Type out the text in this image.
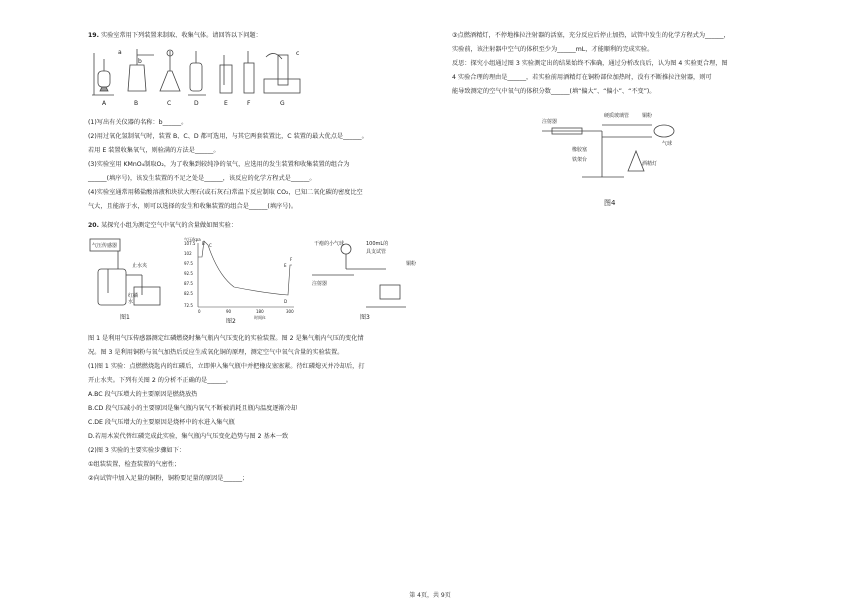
19. 实验室常用下列装置来制取、收集气体。请回答以下问题：

A	B	C	D	E	F	G
a
b
c

(1)写出有关仪器的名称：b______。

(2)用过氧化氢制氧气时，装置 B、C、D 都可选用，与其它两套装置比，C 装置的最大优点是______。

若用 E 装置收集氧气，则验满的方法是______。

(3)实验室用 KMnO₄制取O₂，为了收集到较纯净的氧气，应选用的发生装置和收集装置的组合为

______(填序号)，该发生装置的不足之处是______，该反应的化学方程式是______。

(4)实验室通常用稀盐酸溶液和块状大理石(或石灰石)常温下反应制取 CO₂，已知二氧化碳的密度比空

气大，且能溶于水，则可以选择的发生和收集装置的组合是______(填序号)。

20. 某探究小组为测定空气中氧气的含量做如图实验：

气压传感器
止水夹
红磷
水
图1
气压/kpa
107.5
102
97.5
92.5
87.5
82.5
72.5
0	90	180	300
时间/s
B C
D
E
F
图2
干瘪的小气球	100mL的
具支试管
铜粉
注射器
图3

图 1 是利用气压传感器测定红磷燃烧时集气瓶内气压变化的实验装置。图 2 是集气瓶内气压的变化情

况。图 3 是利用铜粉与氧气加热后反应生成氧化铜的原理，测定空气中氧气含量的实验装置。

(1)图 1 实验：点燃燃烧匙内的红磷后，立即伸入集气瓶中并把橡皮塞塞紧。待红磷熄灭并冷却后，打

开止水夹。下列有关图 2 的分析不正确的是______。

A.BC 段气压增大的主要原因是燃烧放热

B.CD 段气压减小的主要原因是集气瓶内氧气不断被消耗且瓶内温度逐渐冷却

C.DE 段气压增大的主要原因是烧杯中的水进入集气瓶

D.若用木炭代替红磷完成此实验，集气瓶内气压变化趋势与图 2 基本一致

(2)图 3 实验的主要实验步骤如下：

①组装装置，检查装置的气密性；

②向试管中加入足量的铜粉，铜粉要足量的原因是______；

③点燃酒精灯，不停地推拉注射器的活塞，充分反应后停止加热，试管中发生的化学方程式为______，

实验前，该注射器中空气的体积至少为______mL，才能顺利的完成实验。

反思：探究小组通过图 3 实验测定出的结果始终不准确，通过分析改良后，认为图 4 实验更合理，图

4 实验合理的理由是______，若实验前用酒精灯在铜粉部位加热时，没有不断推拉注射器，则可

能导致测定的空气中氧气的体积分数______(填“偏大”、“偏小”、“不变”)。

注射器
硬质玻璃管	铜粉
气球
橡胶塞
铁架台
酒精灯
图4
第 4页，共 9页
